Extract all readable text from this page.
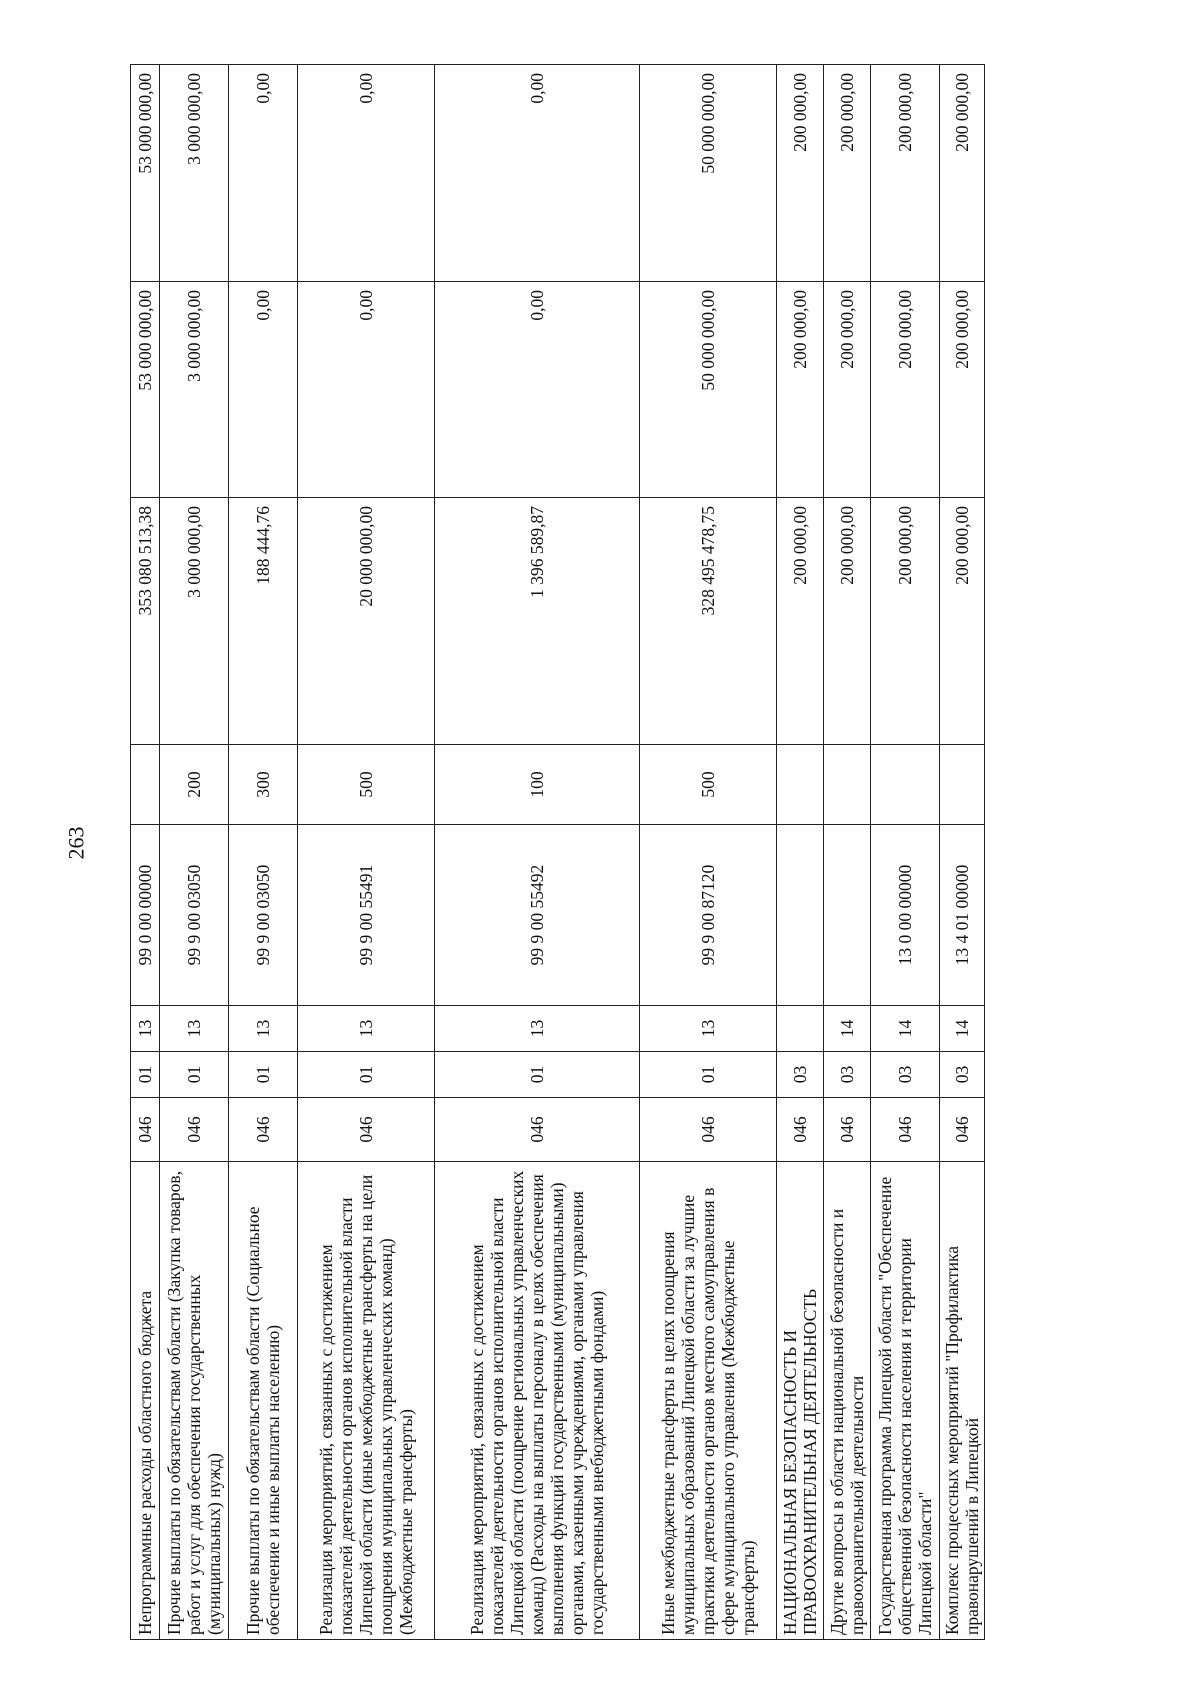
263
Непрограммные расходы областного бюджета	046	01	13	99 0 00 00000		353 080 513,38	53 000 000,00	53 000 000,00
Прочие выплаты по обязательствам области (Закупка товаров, работ и услуг для обеспечения государственных (муниципальных) нужд)	046	01	13	99 9 00 03050	200	3 000 000,00	3 000 000,00	3 000 000,00
Прочие выплаты по обязательствам области (Социальное обеспечение и иные выплаты населению)	046	01	13	99 9 00 03050	300	188 444,76	0,00	0,00
Реализация мероприятий, связанных с достижением показателей деятельности органов исполнительной власти Липецкой области (иные межбюджетные трансферты на цели поощрения муниципальных управленческих команд) (Межбюджетные трансферты)	046	01	13	99 9 00 55491	500	20 000 000,00	0,00	0,00
Реализация мероприятий, связанных с достижением показателей деятельности органов исполнительной власти Липецкой области (поощрение региональных управленческих команд) (Расходы на выплаты персоналу в целях обеспечения выполнения функций государственными (муниципальными) органами, казенными учреждениями, органами управления государственными внебюджетными фондами)	046	01	13	99 9 00 55492	100	1 396 589,87	0,00	0,00
Иные межбюджетные трансферты в целях поощрения муниципальных образований Липецкой области за лучшие практики деятельности органов местного самоуправления в сфере муниципального управления (Межбюджетные трансферты)	046	01	13	99 9 00 87120	500	328 495 478,75	50 000 000,00	50 000 000,00
НАЦИОНАЛЬНАЯ БЕЗОПАСНОСТЬ И ПРАВООХРАНИТЕЛЬНАЯ ДЕЯТЕЛЬНОСТЬ	046	03				200 000,00	200 000,00	200 000,00
Другие вопросы в области национальной безопасности и правоохранительной деятельности	046	03	14			200 000,00	200 000,00	200 000,00
Государственная программа Липецкой области "Обеспечение общественной безопасности населения и территории Липецкой области"	046	03	14	13 0 00 00000		200 000,00	200 000,00	200 000,00
Комплекс процессных мероприятий "Профилактика правонарушений в Липецкой	046	03	14	13 4 01 00000		200 000,00	200 000,00	200 000,00
